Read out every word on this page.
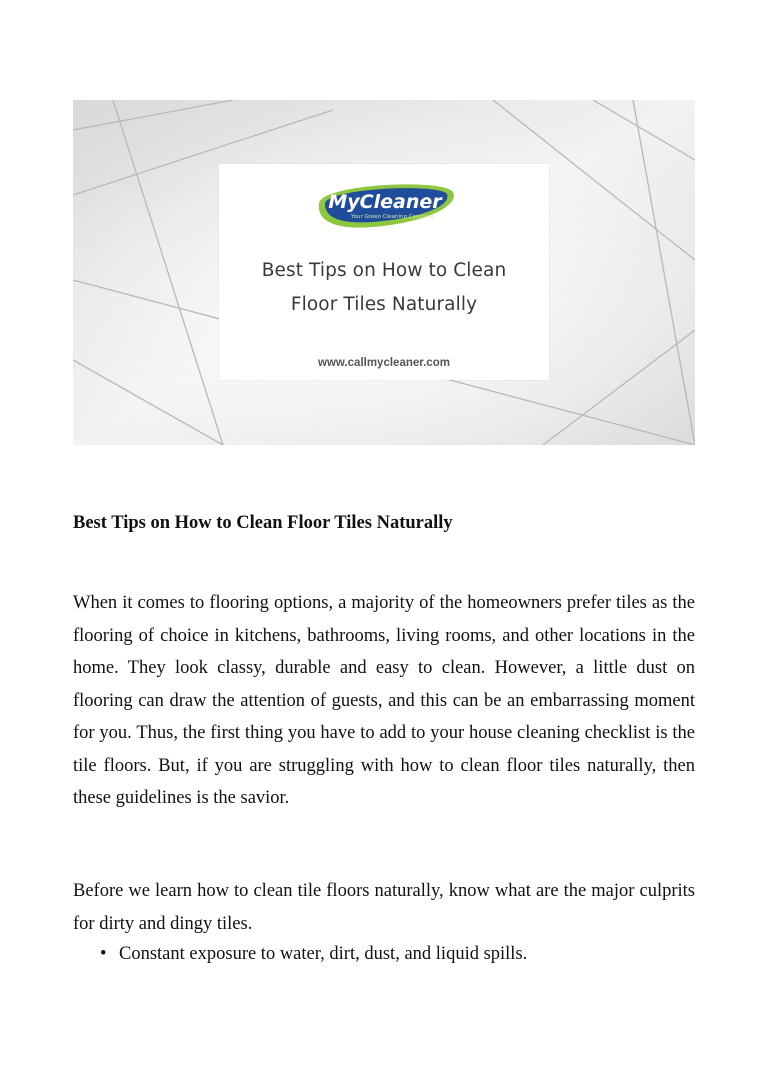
MyCleaner
Your Green Cleaning Company
Best Tips on How to Clean
Floor Tiles Naturally
www.callmycleaner.com
Best Tips on How to Clean Floor Tiles Naturally

When it comes to flooring options, a majority of the homeowners prefer tiles as the flooring of choice in kitchens, bathrooms, living rooms, and other locations in the home. They look classy, durable and easy to clean. However, a little dust on flooring can draw the attention of guests, and this can be an embarrassing moment for you. Thus, the first thing you have to add to your house cleaning checklist is the tile floors. But, if you are struggling with how to clean floor tiles naturally, then these guidelines is the savior.

Before we learn how to clean tile floors naturally, know what are the major culprits for dirty and dingy tiles.

• Constant exposure to water, dirt, dust, and liquid spills.
